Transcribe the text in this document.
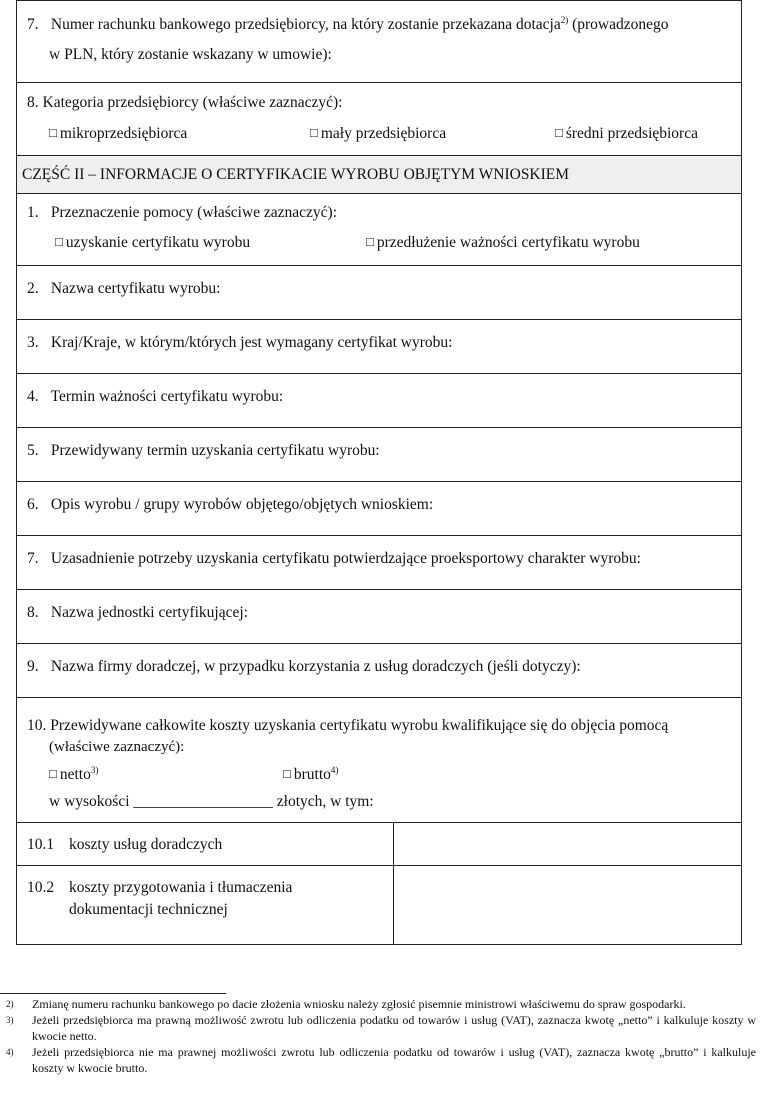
7. Numer rachunku bankowego przedsiębiorcy, na który zostanie przekazana dotacja$^{2)}$ (prowadzonego
w PLN, który zostanie wskazany w umowie):
8. Kategoria przedsiębiorcy (właściwe zaznaczyć):
□ mikroprzedsiębiorca	□ mały przedsiębiorca	□ średni przedsiębiorca
CZĘŚĆ II – INFORMACJE O CERTYFIKACIE WYROBU OBJĘTYM WNIOSKIEM
1. Przeznaczenie pomocy (właściwe zaznaczyć):
□ uzyskanie certyfikatu wyrobu	□ przedłużenie ważności certyfikatu wyrobu
2. Nazwa certyfikatu wyrobu:
3. Kraj/Kraje, w którym/których jest wymagany certyfikat wyrobu:
4. Termin ważności certyfikatu wyrobu:
5. Przewidywany termin uzyskania certyfikatu wyrobu:
6. Opis wyrobu / grupy wyrobów objętego/objętych wnioskiem:
7. Uzasadnienie potrzeby uzyskania certyfikatu potwierdzające proeksportowy charakter wyrobu:
8. Nazwa jednostki certyfikującej:
9. Nazwa firmy doradczej, w przypadku korzystania z usług doradczych (jeśli dotyczy):
10. Przewidywane całkowite koszty uzyskania certyfikatu wyrobu kwalifikujące się do objęcia pomocą
(właściwe zaznaczyć):
□ netto$^{3)}$	□ brutto$^{4)}$
w wysokości __________________ złotych, w tym:
10.1 koszty usług doradczych
10.2 koszty przygotowania i tłumaczenia
dokumentacji technicznej
2)	Zmianę numeru rachunku bankowego po dacie złożenia wniosku należy zgłosić pisemnie ministrowi właściwemu do spraw gospodarki.
3)	Jeżeli przedsiębiorca ma prawną możliwość zwrotu lub odliczenia podatku od towarów i usług (VAT), zaznacza kwotę „netto” i kalkuluje koszty w kwocie netto.
4)	Jeżeli przedsiębiorca nie ma prawnej możliwości zwrotu lub odliczenia podatku od towarów i usług (VAT), zaznacza kwotę „brutto” i kalkuluje koszty w kwocie brutto.
